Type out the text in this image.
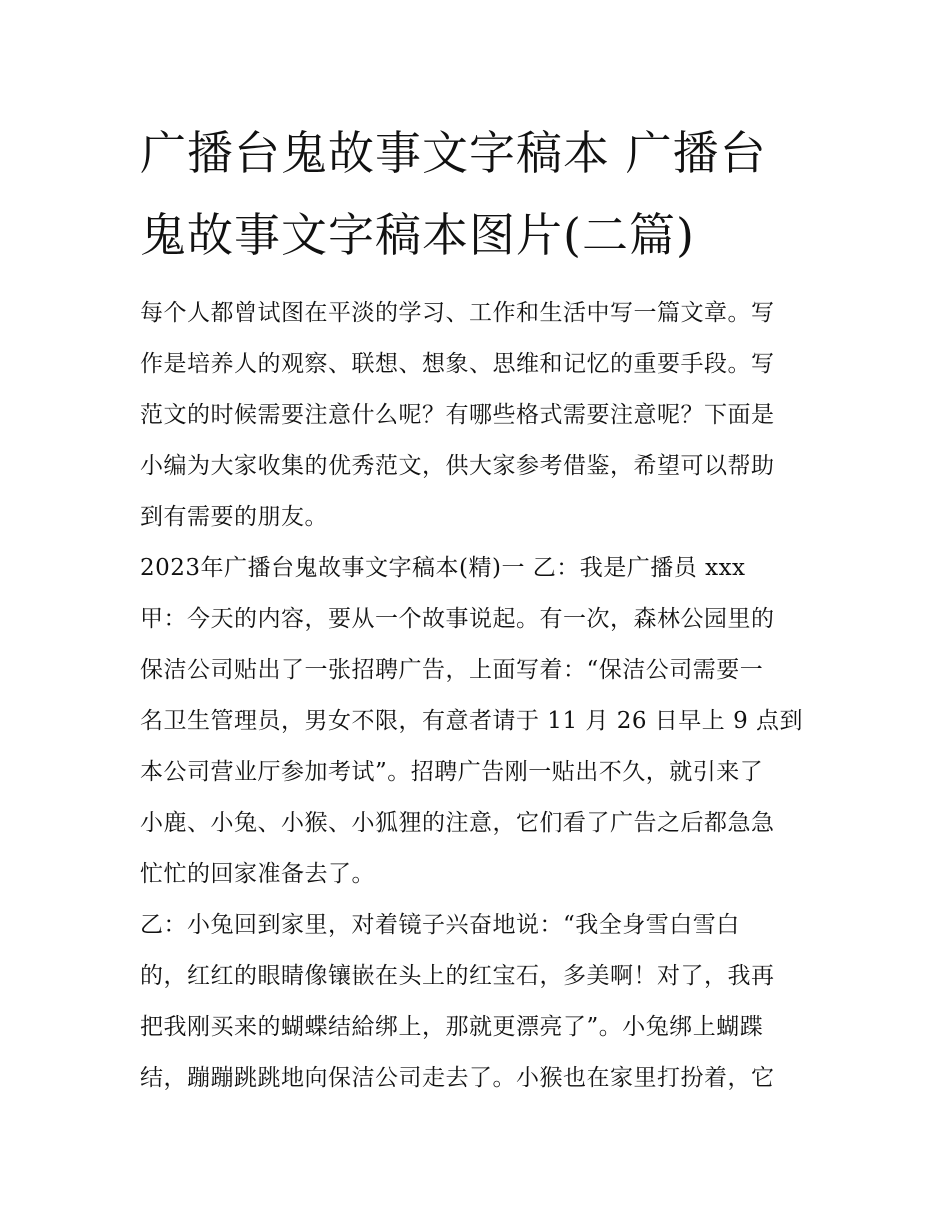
广播台鬼故事文字稿本 广播台
鬼故事文字稿本图片(二篇)

每个人都曾试图在平淡的学习、工作和生活中写一篇文章。写
作是培养人的观察、联想、想象、思维和记忆的重要手段。写
范文的时候需要注意什么呢？有哪些格式需要注意呢？下面是
小编为大家收集的优秀范文，供大家参考借鉴，希望可以帮助
到有需要的朋友。

2023年广播台鬼故事文字稿本(精)一 乙：我是广播员 xxx
甲：今天的内容，要从一个故事说起。有一次，森林公园里的
保洁公司贴出了一张招聘广告，上面写着：“保洁公司需要一
名卫生管理员，男女不限，有意者请于 11 月 26 日早上 9 点到
本公司营业厅参加考试”。招聘广告刚一贴出不久，就引来了
小鹿、小兔、小猴、小狐狸的注意，它们看了广告之后都急急
忙忙的回家准备去了。

乙：小兔回到家里，对着镜子兴奋地说：“我全身雪白雪白
的，红红的眼睛像镶嵌在头上的红宝石，多美啊！对了，我再
把我刚买来的蝴蝶结給绑上，那就更漂亮了”。小兔绑上蝴蹀
结，蹦蹦跳跳地向保洁公司走去了。小猴也在家里打扮着，它
